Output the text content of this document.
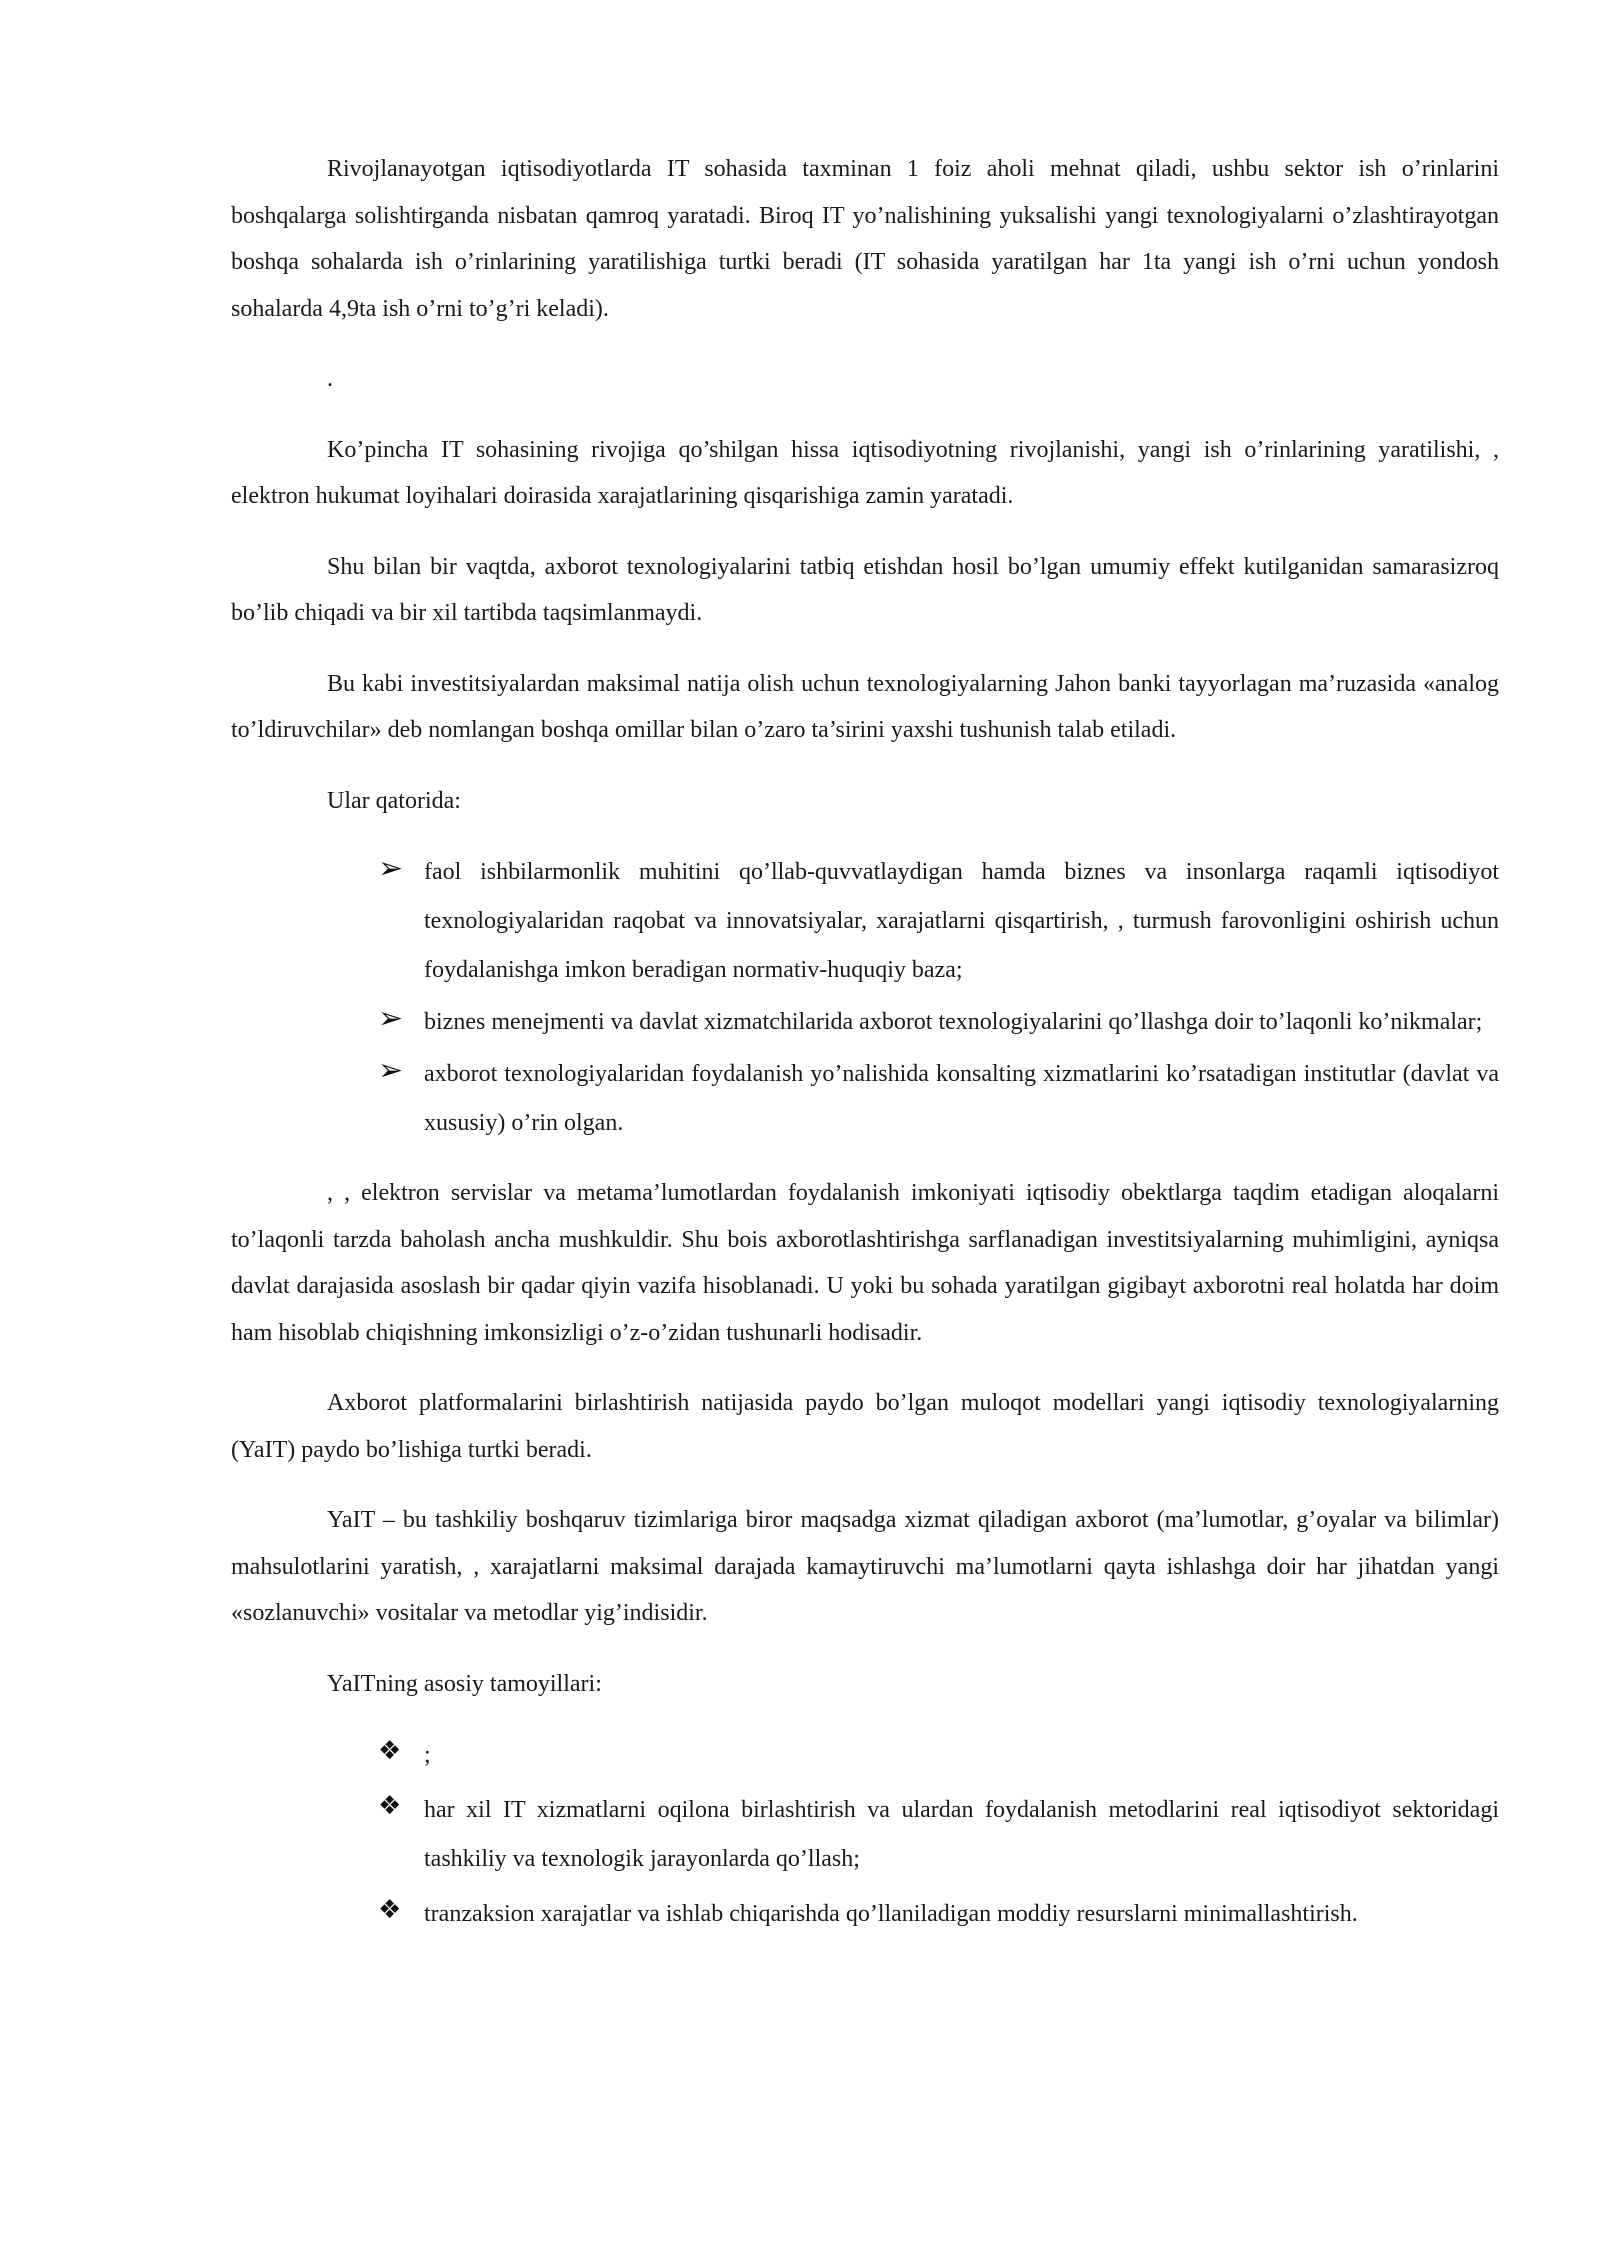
Rivojlanayotgan iqtisodiyotlarda IT sohasida taxminan 1 foiz aholi mehnat qiladi, ushbu sektor ish o’rinlarini boshqalarga solishtirganda nisbatan qamroq yaratadi. Biroq IT yo’nalishining yuksalishi yangi texnologiyalarni o’zlashtirayotgan boshqa sohalarda ish o’rinlarining yaratilishiga turtki beradi (IT sohasida yaratilgan har 1ta yangi ish o’rni uchun yondosh sohalarda 4,9ta ish o’rni to’g’ri keladi).

.

Ko’pincha IT sohasining rivojiga qo’shilgan hissa iqtisodiyotning rivojlanishi, yangi ish o’rinlarining yaratilishi, , elektron hukumat loyihalari doirasida xarajatlarining qisqarishiga zamin yaratadi.

Shu bilan bir vaqtda, axborot texnologiyalarini tatbiq etishdan hosil bo’lgan umumiy effekt kutilganidan samarasizroq bo’lib chiqadi va bir xil tartibda taqsimlanmaydi.

Bu kabi investitsiyalardan maksimal natija olish uchun texnologiyalarning Jahon banki tayyorlagan ma’ruzasida «analog to’ldiruvchilar» deb nomlangan boshqa omillar bilan o’zaro ta’sirini yaxshi tushunish talab etiladi.

Ular qatorida:

➢ faol ishbilarmonlik muhitini qo’llab-quvvatlaydigan hamda biznes va insonlarga raqamli iqtisodiyot texnologiyalaridan raqobat va innovatsiyalar, xarajatlarni qisqartirish, , turmush farovonligini oshirish uchun foydalanishga imkon beradigan normativ-huquqiy baza;
➢ biznes menejmenti va davlat xizmatchilarida axborot texnologiyalarini qo’llashga doir to’laqonli ko’nikmalar;
➢ axborot texnologiyalaridan foydalanish yo’nalishida konsalting xizmatlarini ko’rsatadigan institutlar (davlat va xususiy) o’rin olgan.

, , elektron servislar va metama’lumotlardan foydalanish imkoniyati iqtisodiy obektlarga taqdim etadigan aloqalarni to’laqonli tarzda baholash ancha mushkuldir. Shu bois axborotlashtirishga sarflanadigan investitsiyalarning muhimligini, ayniqsa davlat darajasida asoslash bir qadar qiyin vazifa hisoblanadi. U yoki bu sohada yaratilgan gigibayt axborotni real holatda har doim ham hisoblab chiqishning imkonsizligi o’z-o’zidan tushunarli hodisadir.

Axborot platformalarini birlashtirish natijasida paydo bo’lgan muloqot modellari yangi iqtisodiy texnologiyalarning (YaIT) paydo bo’lishiga turtki beradi.

YaIT – bu tashkiliy boshqaruv tizimlariga biror maqsadga xizmat qiladigan axborot (ma’lumotlar, g’oyalar va bilimlar) mahsulotlarini yaratish, , xarajatlarni maksimal darajada kamaytiruvchi ma’lumotlarni qayta ishlashga doir har jihatdan yangi «sozlanuvchi» vositalar va metodlar yig’indisidir.

YaITning asosiy tamoyillari:

❖ ;
❖ har xil IT xizmatlarni oqilona birlashtirish va ulardan foydalanish metodlarini real iqtisodiyot sektoridagi tashkiliy va texnologik jarayonlarda qo’llash;
❖ tranzaksion xarajatlar va ishlab chiqarishda qo’llaniladigan moddiy resurslarni minimallashtirish.
